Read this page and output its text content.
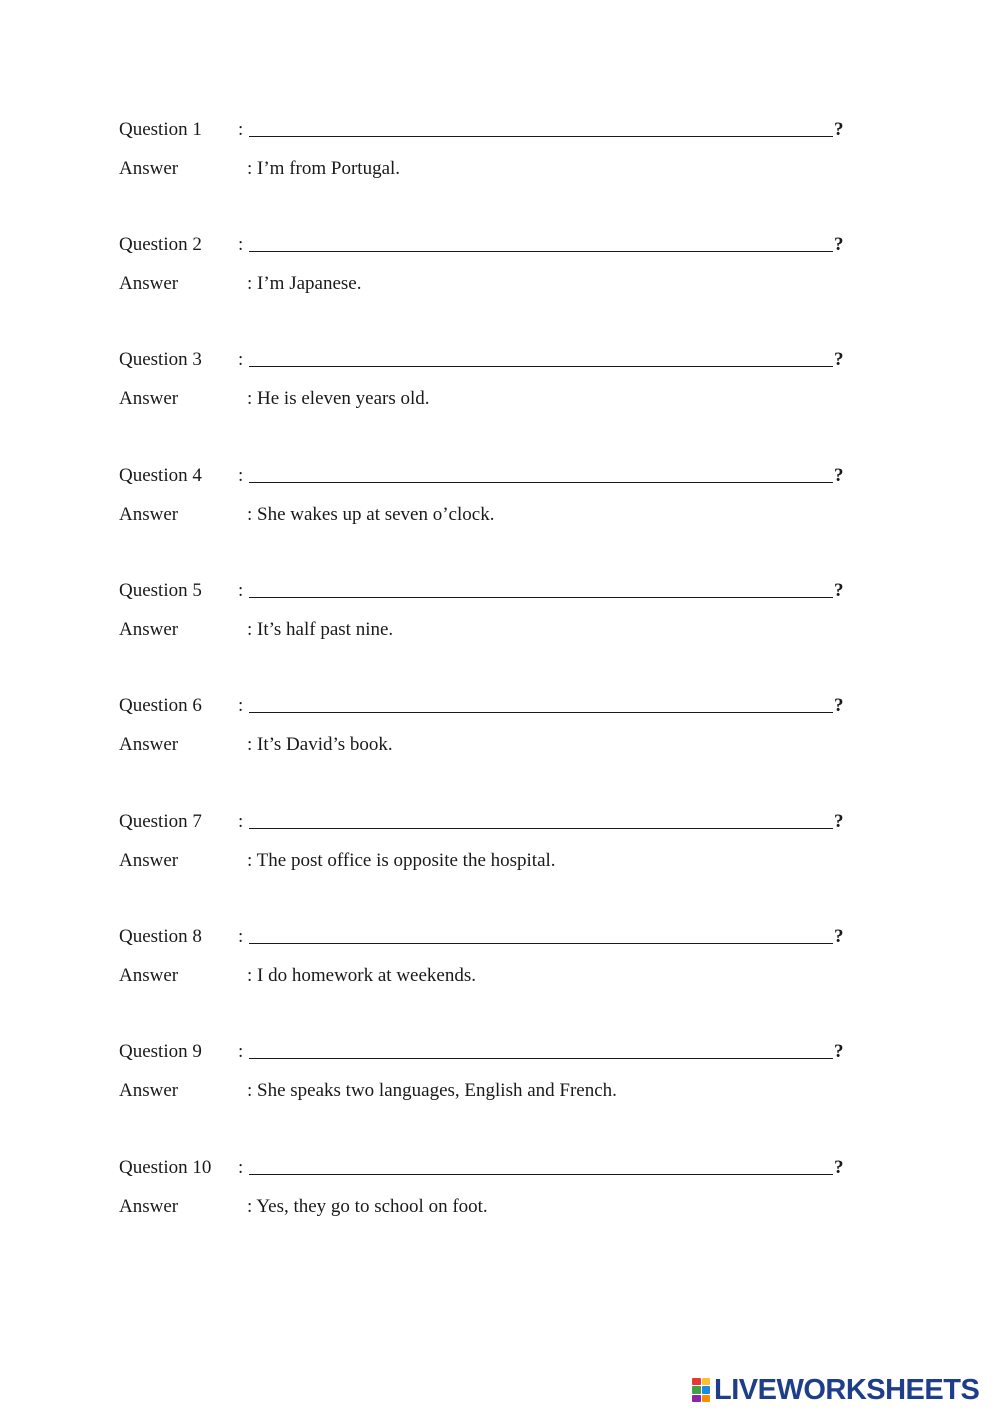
Question 1 :	?
Answer	: I’m from Portugal.
Question 2 :	?
Answer	: I’m Japanese.
Question 3 :	?
Answer	: He is eleven years old.
Question 4 :	?
Answer	: She wakes up at seven o’clock.
Question 5 :	?
Answer	: It’s half past nine.
Question 6 :	?
Answer	: It’s David’s book.
Question 7 :	?
Answer	: The post office is opposite the hospital.
Question 8 :	?
Answer	: I do homework at weekends.
Question 9 :	?
Answer	: She speaks two languages, English and French.
Question 10 :	?
Answer	: Yes, they go to school on foot.
LIVEWORKSHEETS
